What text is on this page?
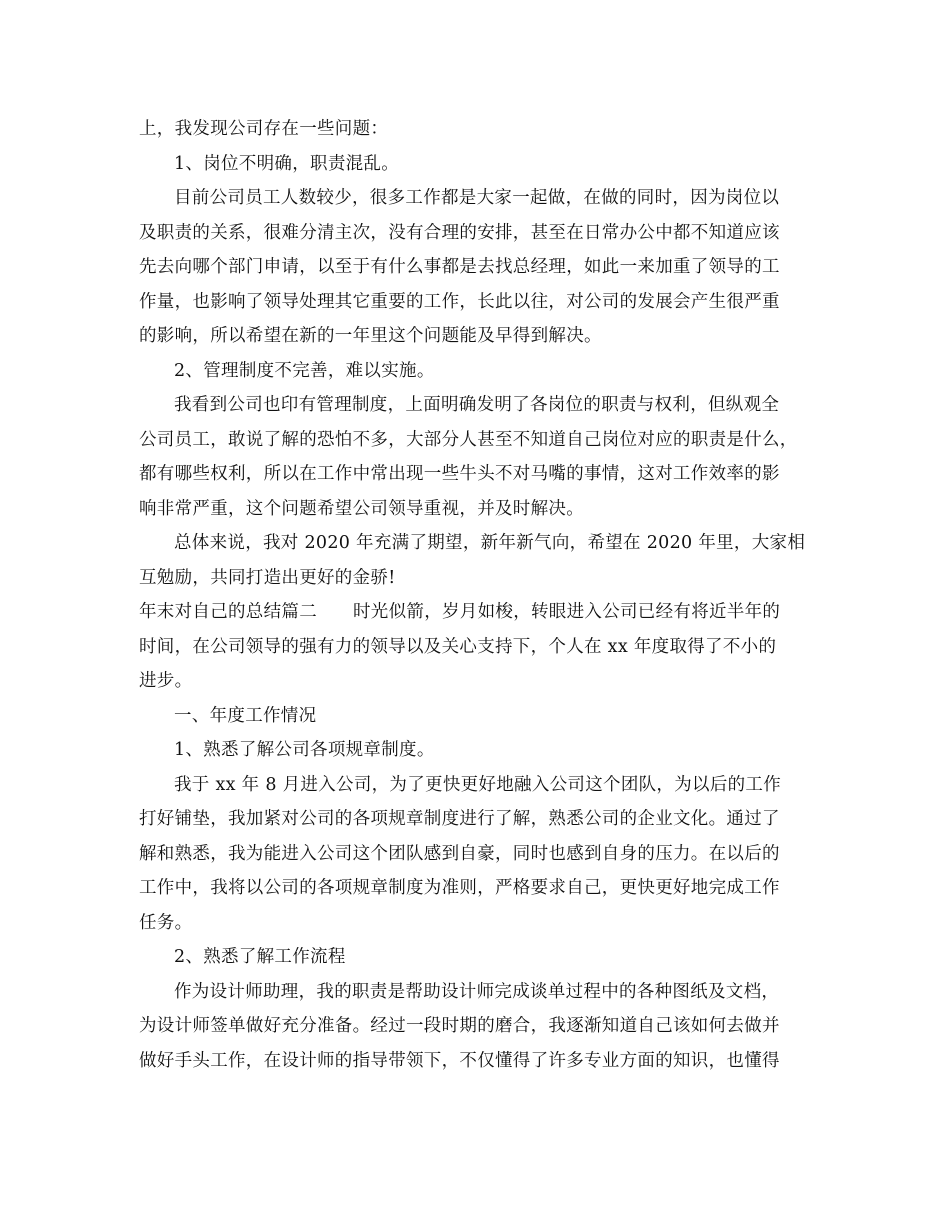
上，我发现公司存在一些问题：
1、岗位不明确，职责混乱。
目前公司员工人数较少，很多工作都是大家一起做，在做的同时，因为岗位以
及职责的关系，很难分清主次，没有合理的安排，甚至在日常办公中都不知道应该
先去向哪个部门申请，以至于有什么事都是去找总经理，如此一来加重了领导的工
作量，也影响了领导处理其它重要的工作，长此以往，对公司的发展会产生很严重
的影响，所以希望在新的一年里这个问题能及早得到解决。
2、管理制度不完善，难以实施。
我看到公司也印有管理制度，上面明确发明了各岗位的职责与权利，但纵观全
公司员工，敢说了解的恐怕不多，大部分人甚至不知道自己岗位对应的职责是什么，
都有哪些权利，所以在工作中常出现一些牛头不对马嘴的事情，这对工作效率的影
响非常严重，这个问题希望公司领导重视，并及时解决。
总体来说，我对 2020 年充满了期望，新年新气向，希望在 2020 年里，大家相
互勉励，共同打造出更好的金骄!
年末对自己的总结篇二 时光似箭，岁月如梭，转眼进入公司已经有将近半年的
时间，在公司领导的强有力的领导以及关心支持下，个人在 xx 年度取得了不小的
进步。
一、年度工作情况
1、熟悉了解公司各项规章制度。
我于 xx 年 8 月进入公司，为了更快更好地融入公司这个团队，为以后的工作
打好铺垫，我加紧对公司的各项规章制度进行了解，熟悉公司的企业文化。通过了
解和熟悉，我为能进入公司这个团队感到自豪，同时也感到自身的压力。在以后的
工作中，我将以公司的各项规章制度为准则，严格要求自己，更快更好地完成工作
任务。
2、熟悉了解工作流程
作为设计师助理，我的职责是帮助设计师完成谈单过程中的各种图纸及文档，
为设计师签单做好充分准备。经过一段时期的磨合，我逐渐知道自己该如何去做并
做好手头工作，在设计师的指导带领下，不仅懂得了许多专业方面的知识，也懂得
